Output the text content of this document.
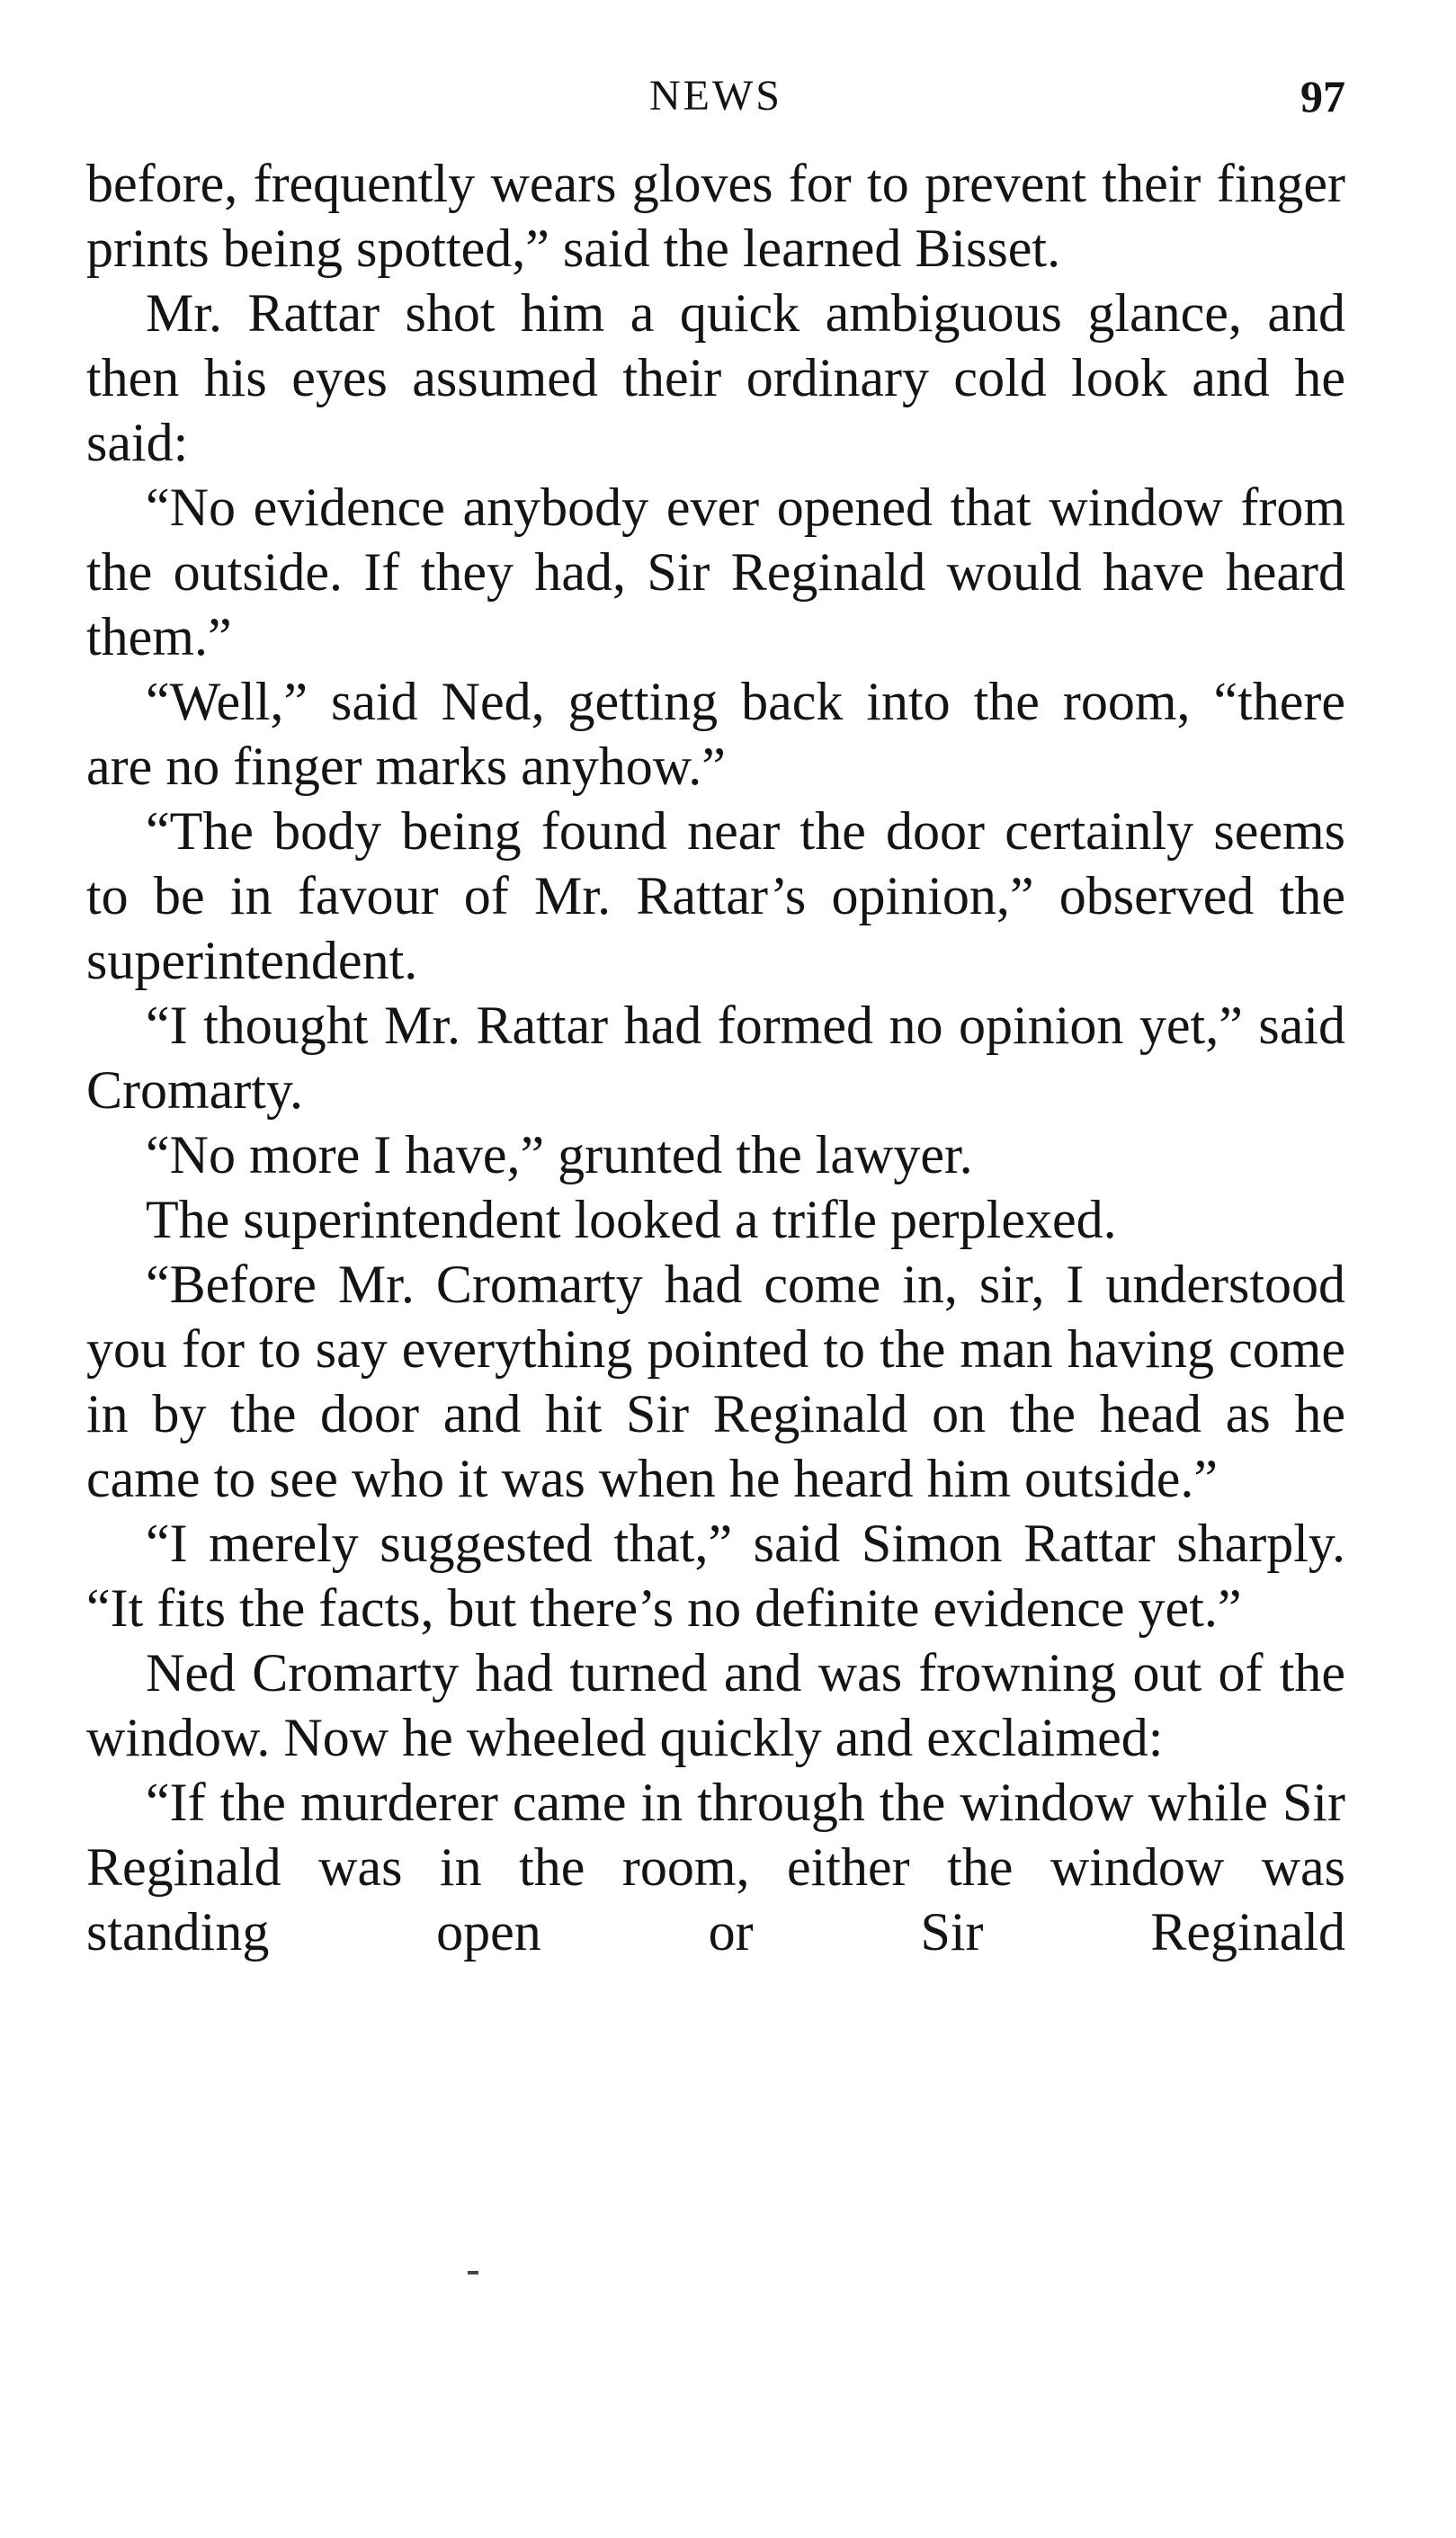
NEWS	97

before, frequently wears gloves for to prevent their finger prints being spotted,” said the learned Bisset.

Mr. Rattar shot him a quick ambiguous glance, and then his eyes assumed their ordinary cold look and he said:

“No evidence anybody ever opened that window from the outside. If they had, Sir Reginald would have heard them.”

“Well,” said Ned, getting back into the room, “there are no finger marks anyhow.”

“The body being found near the door certainly seems to be in favour of Mr. Rattar’s opinion,” observed the superintendent.

“I thought Mr. Rattar had formed no opinion yet,” said Cromarty.

“No more I have,” grunted the lawyer.

The superintendent looked a trifle perplexed.

“Before Mr. Cromarty had come in, sir, I understood you for to say everything pointed to the man having come in by the door and hit Sir Reginald on the head as he came to see who it was when he heard him outside.”

“I merely suggested that,” said Simon Rattar sharply. “It fits the facts, but there’s no definite evidence yet.”

Ned Cromarty had turned and was frowning out of the window. Now he wheeled quickly and exclaimed:

“If the murderer came in through the window while Sir Reginald was in the room, either the window was standing open or Sir Reginald
